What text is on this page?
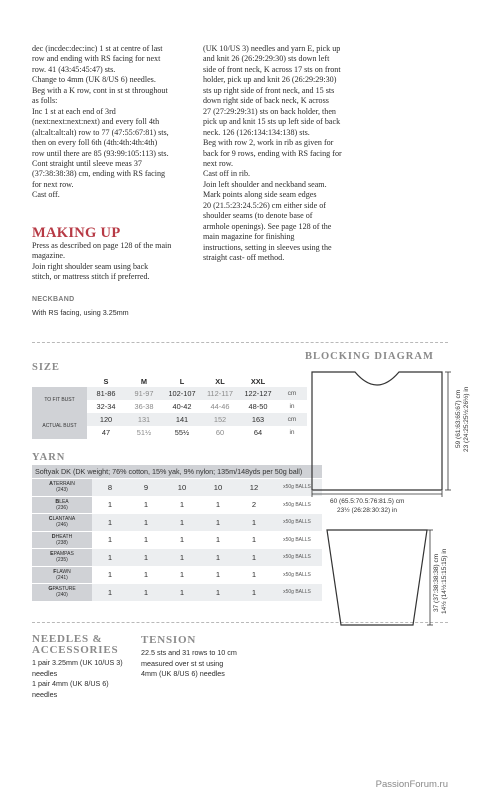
dec (incdec:dec:inc) 1 st at centre of last
row and ending with RS facing for next
row. 41 (43:45:45:47) sts.
Change to 4mm (UK 8/US 6) needles.
Beg with a K row, cont in st st throughout
as folls:
Inc 1 st at each end of 3rd
(next:next:next:next) and every foll 4th
(alt:alt:alt:alt) row to 77 (47:55:67:81) sts,
then on every foll 6th (4th:4th:4th:4th)
row until there are 85 (93:99:105:113) sts.
Cont straight until sleeve meas 37
(37:38:38:38) cm, ending with RS facing
for next row.
Cast off.
(UK 10/US 3) needles and yarn E, pick up
and knit 26 (26:29:29:30) sts down left
side of front neck, K across 17 sts on front
holder, pick up and knit 26 (26:29:29:30)
sts up right side of front neck, and 15 sts
down right side of back neck, K across
27 (27:29:29:31) sts on back holder, then
pick up and knit 15 sts up left side of back
neck. 126 (126:134:134:138) sts.
Beg with row 2, work in rib as given for
back for 9 rows, ending with RS facing for
next row.
Cast off in rib.
Join left shoulder and neckband seam.
Mark points along side seam edges
20 (21.5:23:24.5:26) cm either side of
shoulder seams (to denote base of
armhole openings). See page 128 of the
main magazine for finishing
instructions, setting in sleeves using the
straight cast- off method.
MAKING UP
Press as described on page 128 of the main
magazine.
Join right shoulder seam using back
stitch, or mattress stitch if preferred.
NECKBAND
With RS facing, using 3.25mm
SIZE
	S	M	L	XL	XXL	
TO FIT BUST	81-86	91-97	102-107	112-117	122-127	cm
	32-34	36-38	40-42	44-46	48-50	in
ACTUAL BUST	120	131	141	152	163	cm
	47	51½	55½	60	64	in
YARN
Softyak DK (DK weight; 76% cotton, 15% yak, 9% nylon; 135m/148yds per 50g ball)						
ATERRAIN
(243)	8	9	10	10	12	x50g BALLS
BLEA
(236)	1	1	1	1	2	x50g BALLS
CLANTANA
(246)	1	1	1	1	1	x50g BALLS
DHEATH
(238)	1	1	1	1	1	x50g BALLS
EPAMPAS
(235)	1	1	1	1	1	x50g BALLS
FLAWN
(241)	1	1	1	1	1	x50g BALLS
GPASTURE
(240)	1	1	1	1	1	x50g BALLS
NEEDLES &
ACCESSORIES
1 pair 3.25mm (UK 10/US 3)
needles
1 pair 4mm (UK 8/US 6)
needles
TENSION
22.5 sts and 31 rows to 10 cm
measured over st st using
4mm (UK 8/US 6) needles
BLOCKING DIAGRAM
60 (65.5:70.5:76:81.5) cm
23½ (26:28:30:32) in
59 (61:63:65:67) cm 23 (24:25:25½:26½) in
37 (37:38:38:38) cm 14½ (14½:15:15:15) in
PassionForum.ru
